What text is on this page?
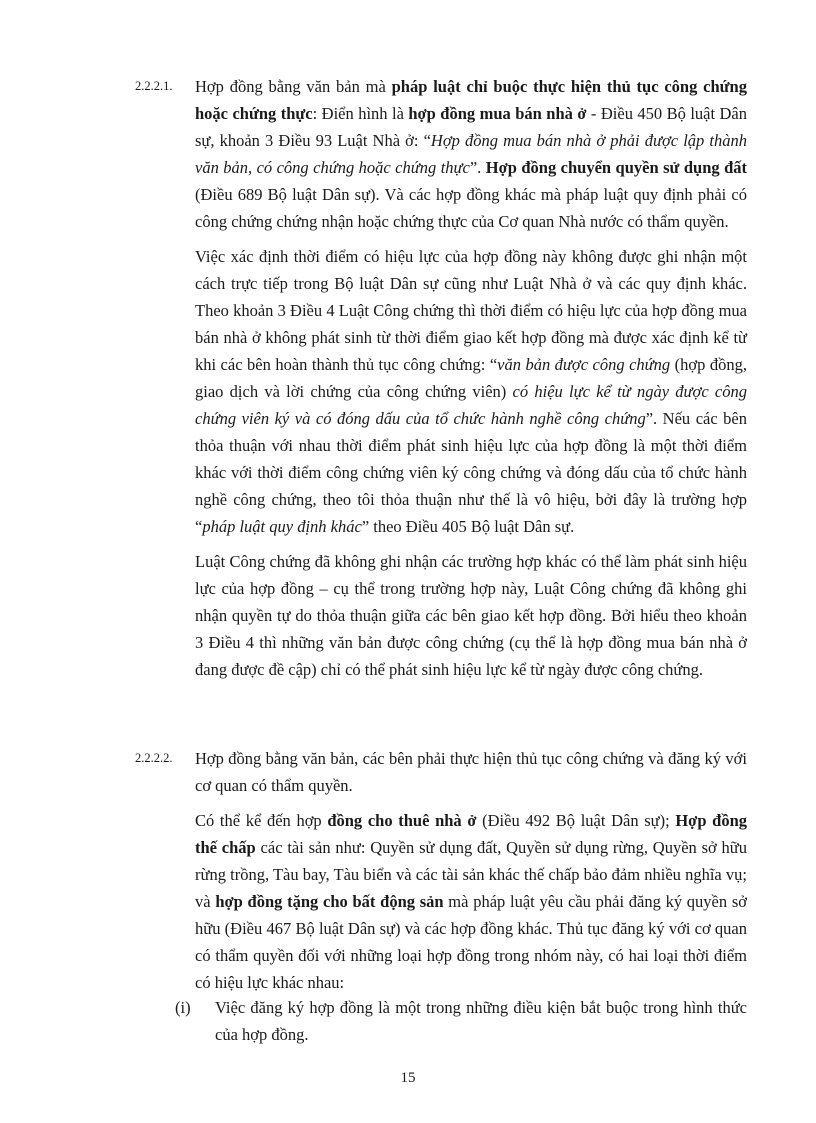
2.2.2.1. Hợp đồng bằng văn bản mà pháp luật chỉ buộc thực hiện thủ tục công chứng hoặc chứng thực: Điển hình là hợp đồng mua bán nhà ở - Điều 450 Bộ luật Dân sự, khoản 3 Điều 93 Luật Nhà ở: “Hợp đồng mua bán nhà ở phải được lập thành văn bản, có công chứng hoặc chứng thực”. Hợp đồng chuyển quyền sử dụng đất (Điều 689 Bộ luật Dân sự). Và các hợp đồng khác mà pháp luật quy định phải có công chứng chứng nhận hoặc chứng thực của Cơ quan Nhà nước có thẩm quyền.

Việc xác định thời điểm có hiệu lực của hợp đồng này không được ghi nhận một cách trực tiếp trong Bộ luật Dân sự cũng như Luật Nhà ở và các quy định khác. Theo khoản 3 Điều 4 Luật Công chứng thì thời điểm có hiệu lực của hợp đồng mua bán nhà ở không phát sinh từ thời điểm giao kết hợp đồng mà được xác định kể từ khi các bên hoàn thành thủ tục công chứng: “văn bản được công chứng (hợp đồng, giao dịch và lời chứng của công chứng viên) có hiệu lực kể từ ngày được công chứng viên ký và có đóng dấu của tổ chức hành nghề công chứng”. Nếu các bên thỏa thuận với nhau thời điểm phát sinh hiệu lực của hợp đồng là một thời điểm khác với thời điểm công chứng viên ký công chứng và đóng dấu của tổ chức hành nghề công chứng, theo tôi thỏa thuận như thế là vô hiệu, bởi đây là trường hợp “pháp luật quy định khác” theo Điều 405 Bộ luật Dân sự.

Luật Công chứng đã không ghi nhận các trường hợp khác có thể làm phát sinh hiệu lực của hợp đồng – cụ thể trong trường hợp này, Luật Công chứng đã không ghi nhận quyền tự do thỏa thuận giữa các bên giao kết hợp đồng. Bởi hiểu theo khoản 3 Điều 4 thì những văn bản được công chứng (cụ thể là hợp đồng mua bán nhà ở đang được đề cập) chỉ có thể phát sinh hiệu lực kể từ ngày được công chứng.

2.2.2.2. Hợp đồng bằng văn bản, các bên phải thực hiện thủ tục công chứng và đăng ký với cơ quan có thẩm quyền.

Có thể kể đến hợp đồng cho thuê nhà ở (Điều 492 Bộ luật Dân sự); Hợp đồng thế chấp các tài sản như: Quyền sử dụng đất, Quyền sử dụng rừng, Quyền sở hữu rừng trồng, Tàu bay, Tàu biển và các tài sản khác thế chấp bảo đảm nhiều nghĩa vụ; và hợp đồng tặng cho bất động sản mà pháp luật yêu cầu phải đăng ký quyền sở hữu (Điều 467 Bộ luật Dân sự) và các hợp đồng khác. Thủ tục đăng ký với cơ quan có thẩm quyền đối với những loại hợp đồng trong nhóm này, có hai loại thời điểm có hiệu lực khác nhau:

(i) Việc đăng ký hợp đồng là một trong những điều kiện bắt buộc trong hình thức của hợp đồng.

15
